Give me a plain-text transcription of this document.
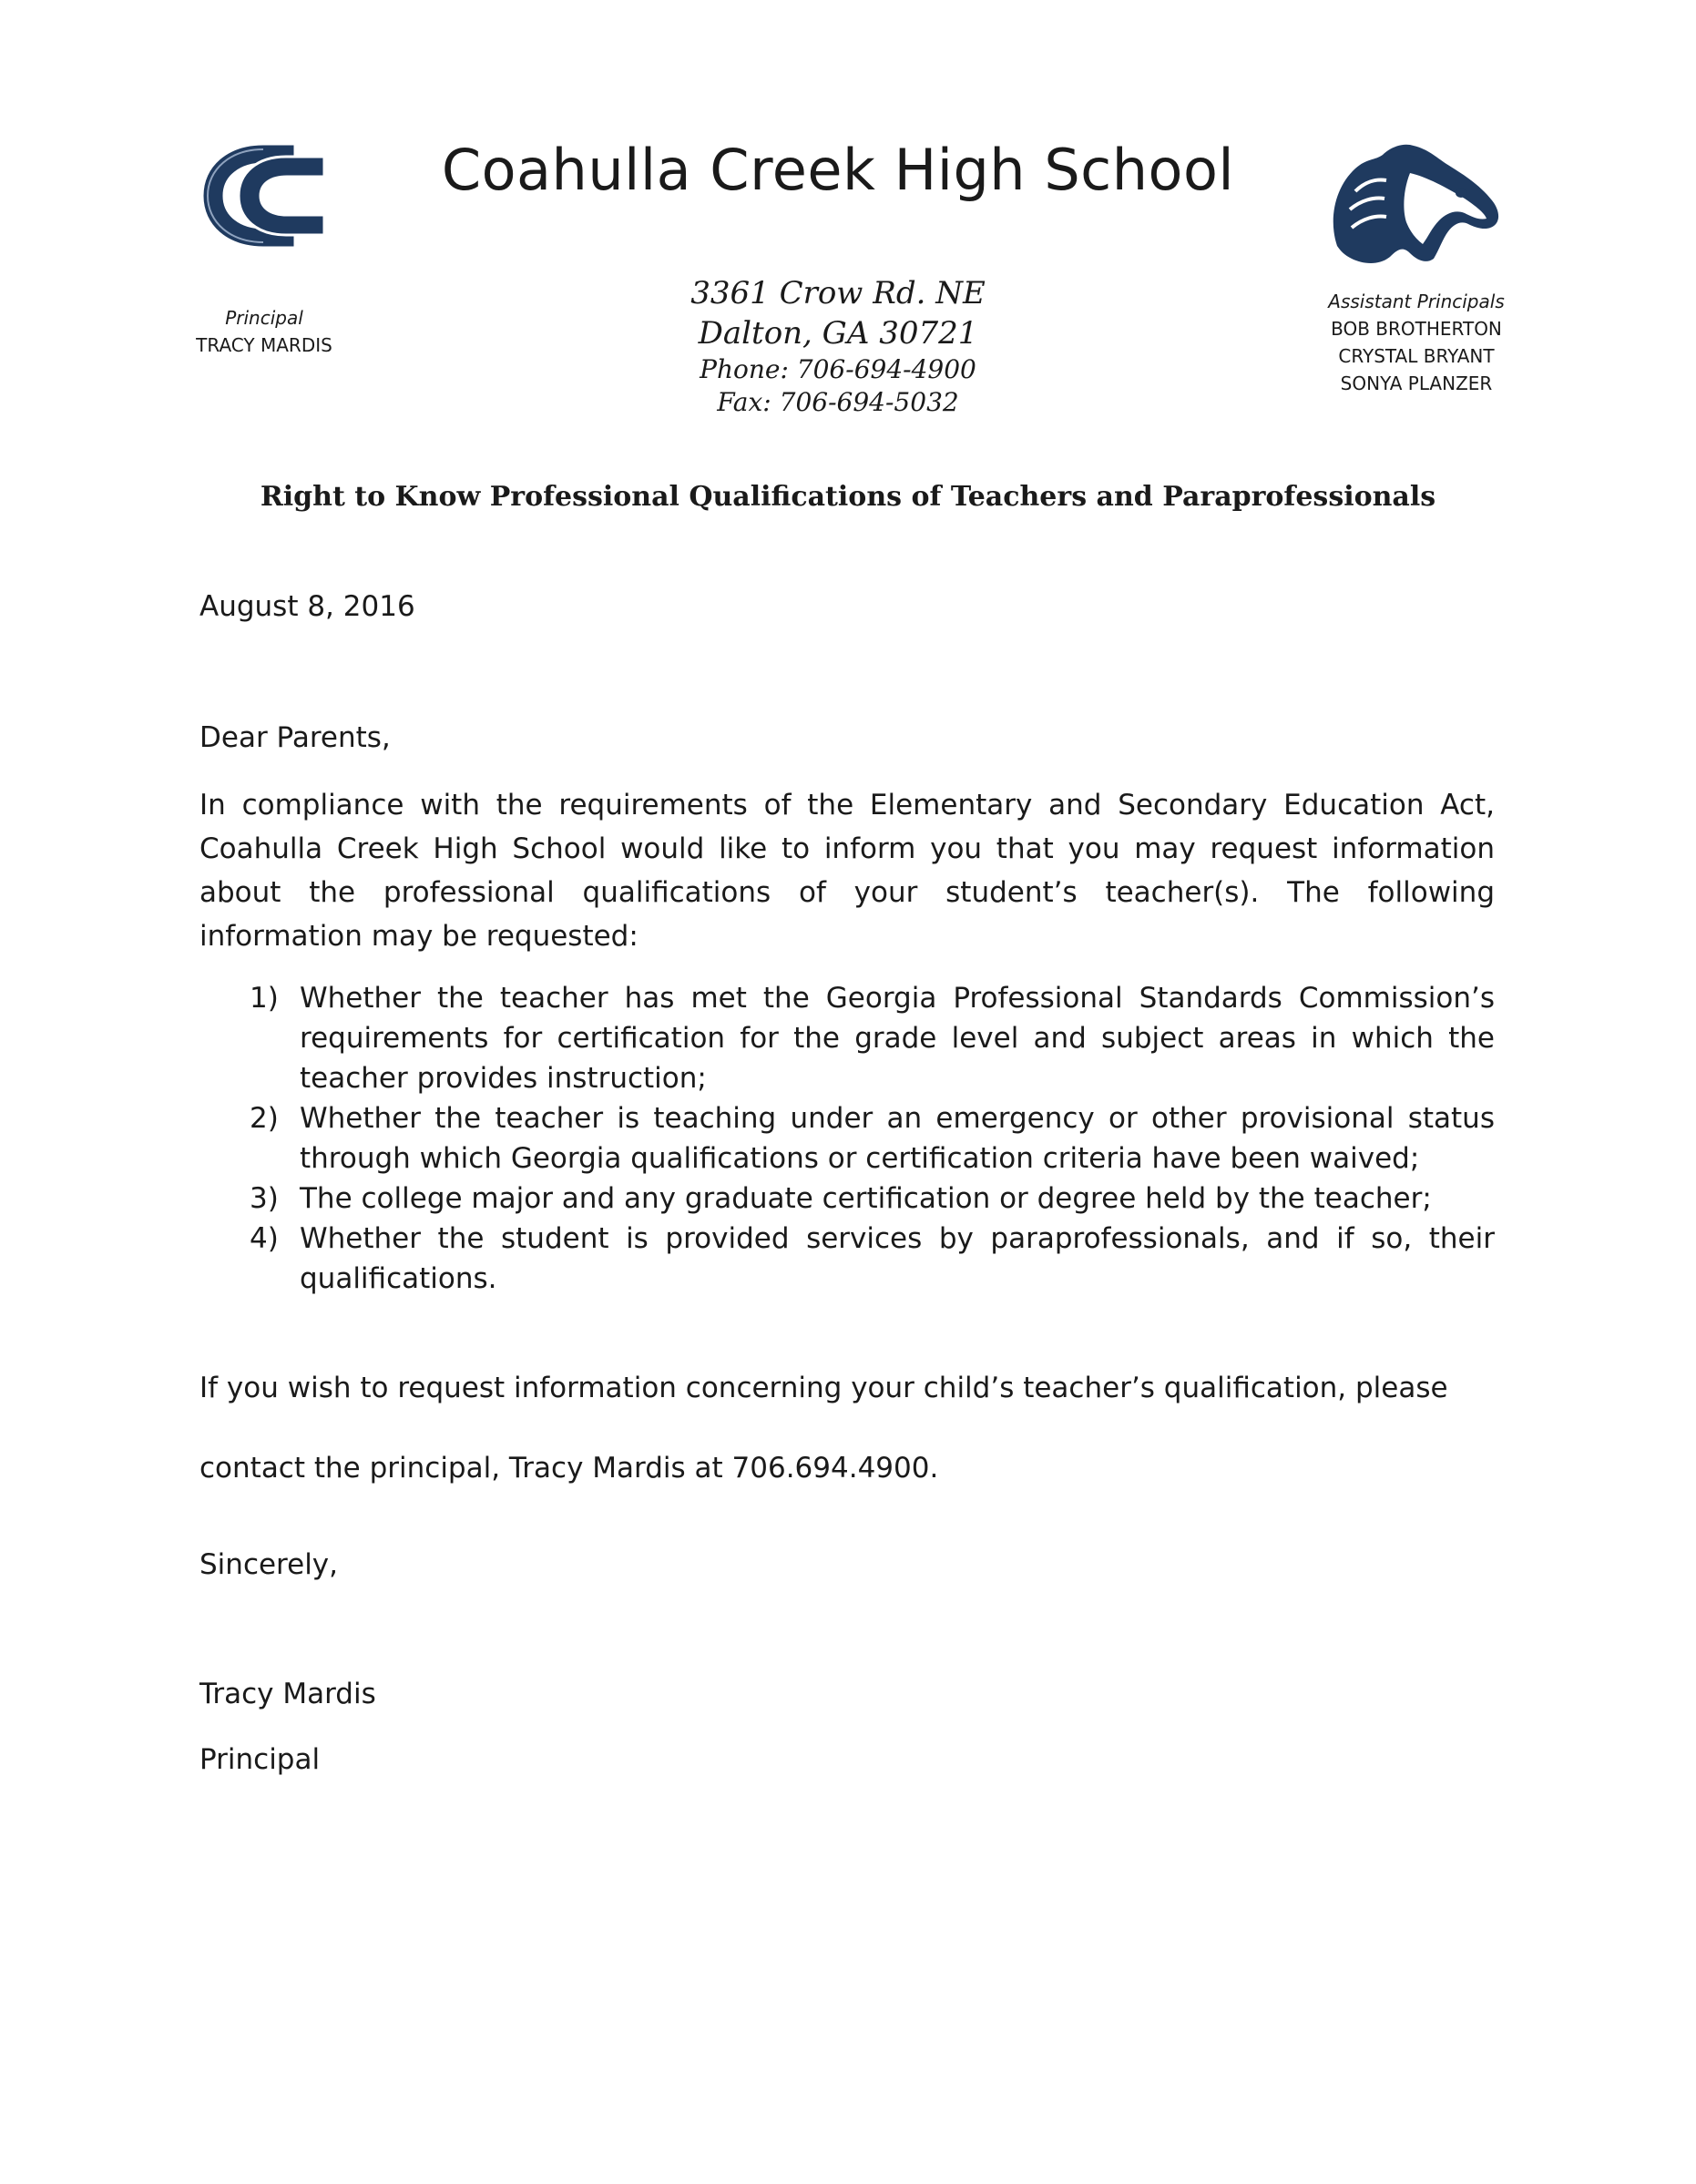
Coahulla Creek High School
Principal
TRACY MARDIS
3361 Crow Rd. NE
Dalton, GA 30721
Phone: 706-694-4900
Fax: 706-694-5032
Assistant Principals
BOB BROTHERTON
CRYSTAL BRYANT
SONYA PLANZER
Right to Know Professional Qualifications of Teachers and Paraprofessionals
August 8, 2016
Dear Parents,
In compliance with the requirements of the Elementary and Secondary Education Act, Coahulla Creek High School would like to inform you that you may request information about the professional qualifications of your student’s teacher(s). The following information may be requested:
1) Whether the teacher has met the Georgia Professional Standards Commission’s requirements for certification for the grade level and subject areas in which the teacher provides instruction;
2) Whether the teacher is teaching under an emergency or other provisional status through which Georgia qualifications or certification criteria have been waived;
3) The college major and any graduate certification or degree held by the teacher;
4) Whether the student is provided services by paraprofessionals, and if so, their qualifications.
If you wish to request information concerning your child’s teacher’s qualification, please
contact the principal, Tracy Mardis at 706.694.4900.
Sincerely,
Tracy Mardis
Principal
